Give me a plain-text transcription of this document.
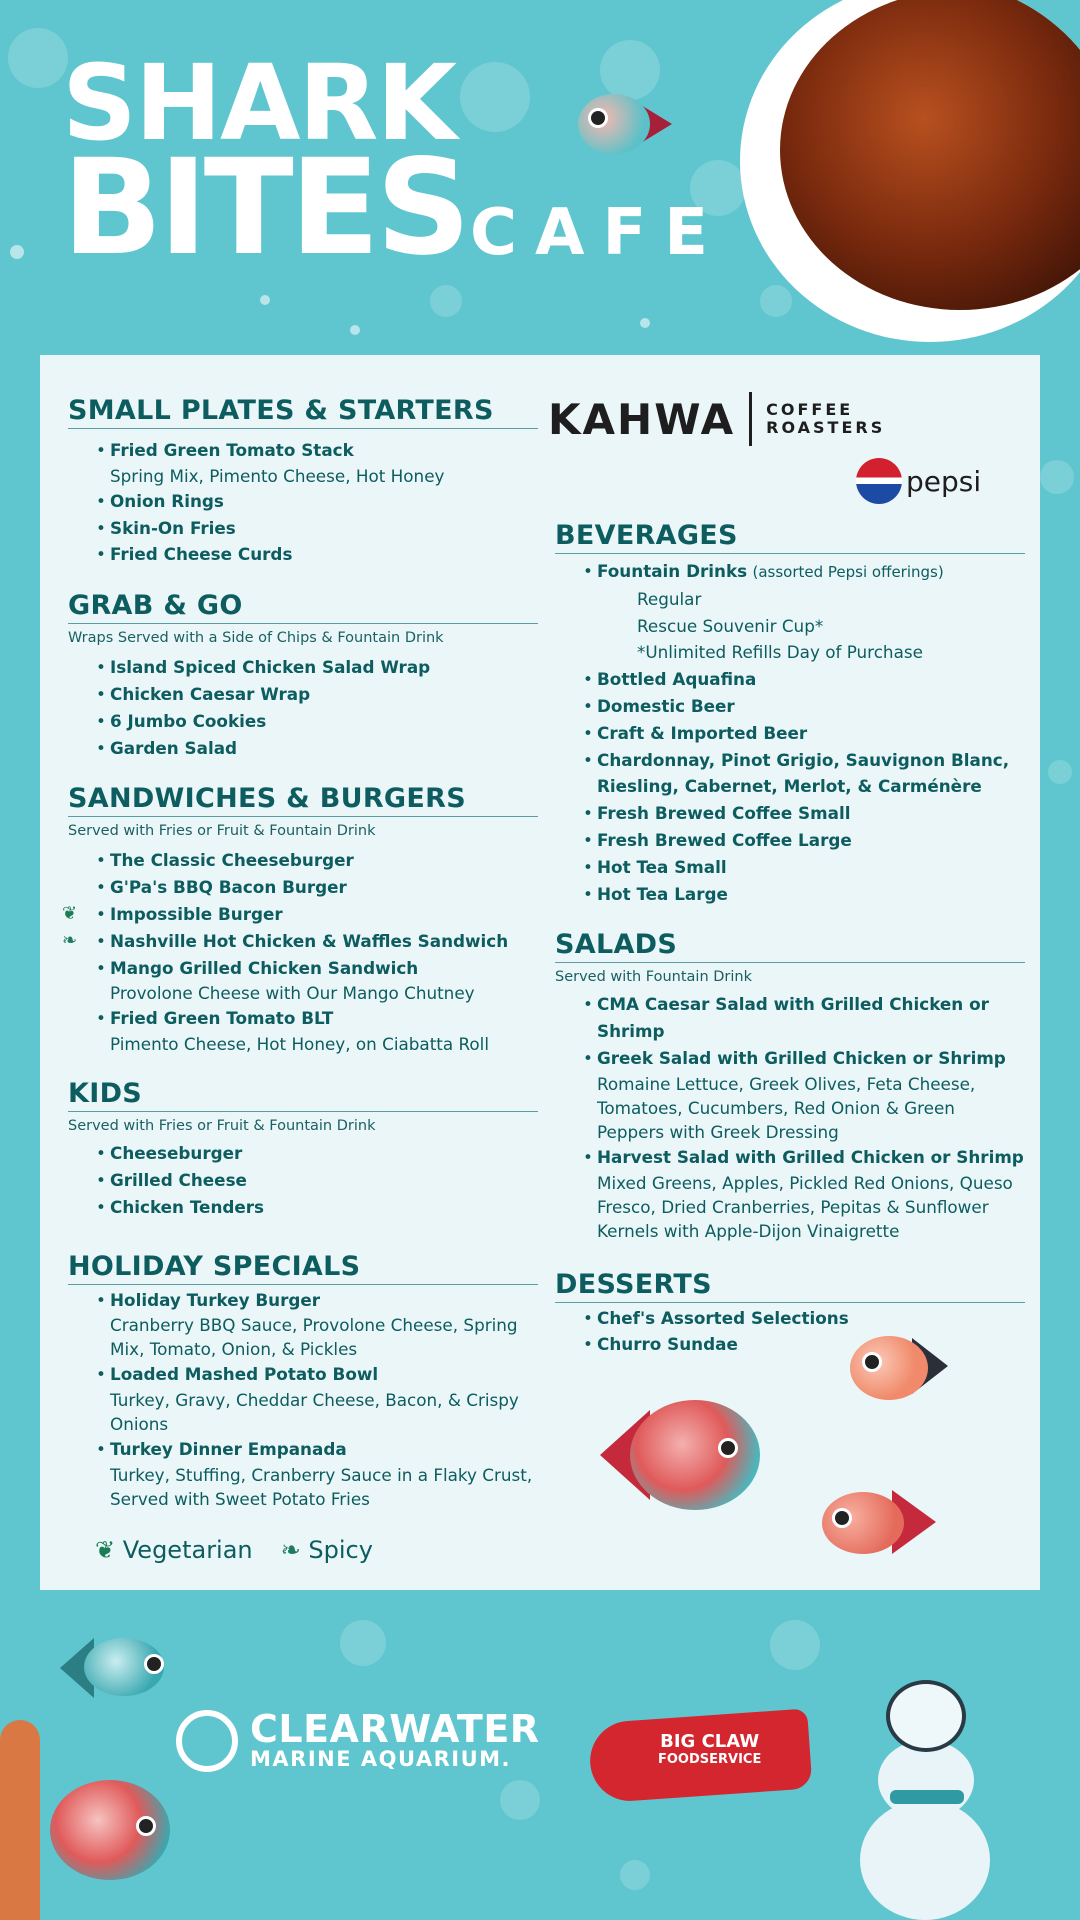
SHARK
BITES CAFE
KAHWA COFFEE
ROASTERS
pepsi
SMALL PLATES & STARTERS
• Fried Green Tomato Stack
Spring Mix, Pimento Cheese, Hot Honey
• Onion Rings
• Skin-On Fries
• Fried Cheese Curds
GRAB & GO
Wraps Served with a Side of Chips & Fountain Drink
• Island Spiced Chicken Salad Wrap
• Chicken Caesar Wrap
• 6 Jumbo Cookies
• Garden Salad
SANDWICHES & BURGERS
Served with Fries or Fruit & Fountain Drink
• The Classic Cheeseburger
• G'Pa's BBQ Bacon Burger
• ❦ Impossible Burger
• ❧ Nashville Hot Chicken & Waffles Sandwich
• Mango Grilled Chicken Sandwich
Provolone Cheese with Our Mango Chutney
• Fried Green Tomato BLT
Pimento Cheese, Hot Honey, on Ciabatta Roll
KIDS
Served with Fries or Fruit & Fountain Drink
• Cheeseburger
• Grilled Cheese
• Chicken Tenders
HOLIDAY SPECIALS
• Holiday Turkey Burger
Cranberry BBQ Sauce, Provolone Cheese, Spring Mix, Tomato, Onion, & Pickles
• Loaded Mashed Potato Bowl
Turkey, Gravy, Cheddar Cheese, Bacon, & Crispy Onions
• Turkey Dinner Empanada
Turkey, Stuffing, Cranberry Sauce in a Flaky Crust, Served with Sweet Potato Fries
BEVERAGES
• Fountain Drinks (assorted Pepsi offerings)
Regular
Rescue Souvenir Cup*
*Unlimited Refills Day of Purchase
• Bottled Aquafina
• Domestic Beer
• Craft & Imported Beer
• Chardonnay, Pinot Grigio, Sauvignon Blanc, Riesling, Cabernet, Merlot, & Carménère
• Fresh Brewed Coffee Small
• Fresh Brewed Coffee Large
• Hot Tea Small
• Hot Tea Large
SALADS
Served with Fountain Drink
• CMA Caesar Salad with Grilled Chicken or Shrimp
• Greek Salad with Grilled Chicken or Shrimp
Romaine Lettuce, Greek Olives, Feta Cheese, Tomatoes, Cucumbers, Red Onion & Green Peppers with Greek Dressing
• Harvest Salad with Grilled Chicken or Shrimp
Mixed Greens, Apples, Pickled Red Onions, Queso Fresco, Dried Cranberries, Pepitas & Sunflower Kernels with Apple-Dijon Vinaigrette
DESSERTS
• Chef's Assorted Selections
• Churro Sundae
❦ Vegetarian ❧ Spicy
CLEARWATER
MARINE AQUARIUM.
BIG CLAW
FOODSERVICE
